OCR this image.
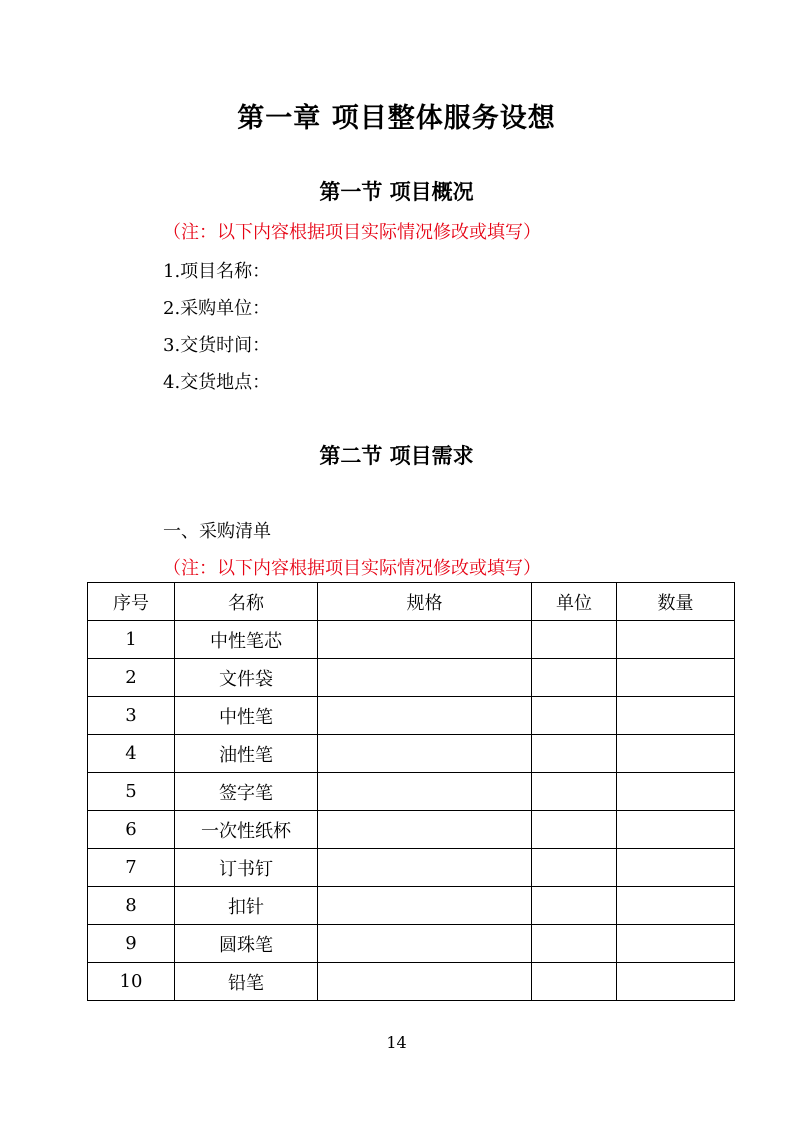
第一章 项目整体服务设想
第一节 项目概况
（注：以下内容根据项目实际情况修改或填写）
1.项目名称：
2.采购单位：
3.交货时间：
4.交货地点：
第二节 项目需求
一、采购清单
（注：以下内容根据项目实际情况修改或填写）
序号	名称	规格	单位	数量
1	中性笔芯			
2	文件袋			
3	中性笔			
4	油性笔			
5	签字笔			
6	一次性纸杯			
7	订书钉			
8	扣针			
9	圆珠笔			
10	铅笔			
14
